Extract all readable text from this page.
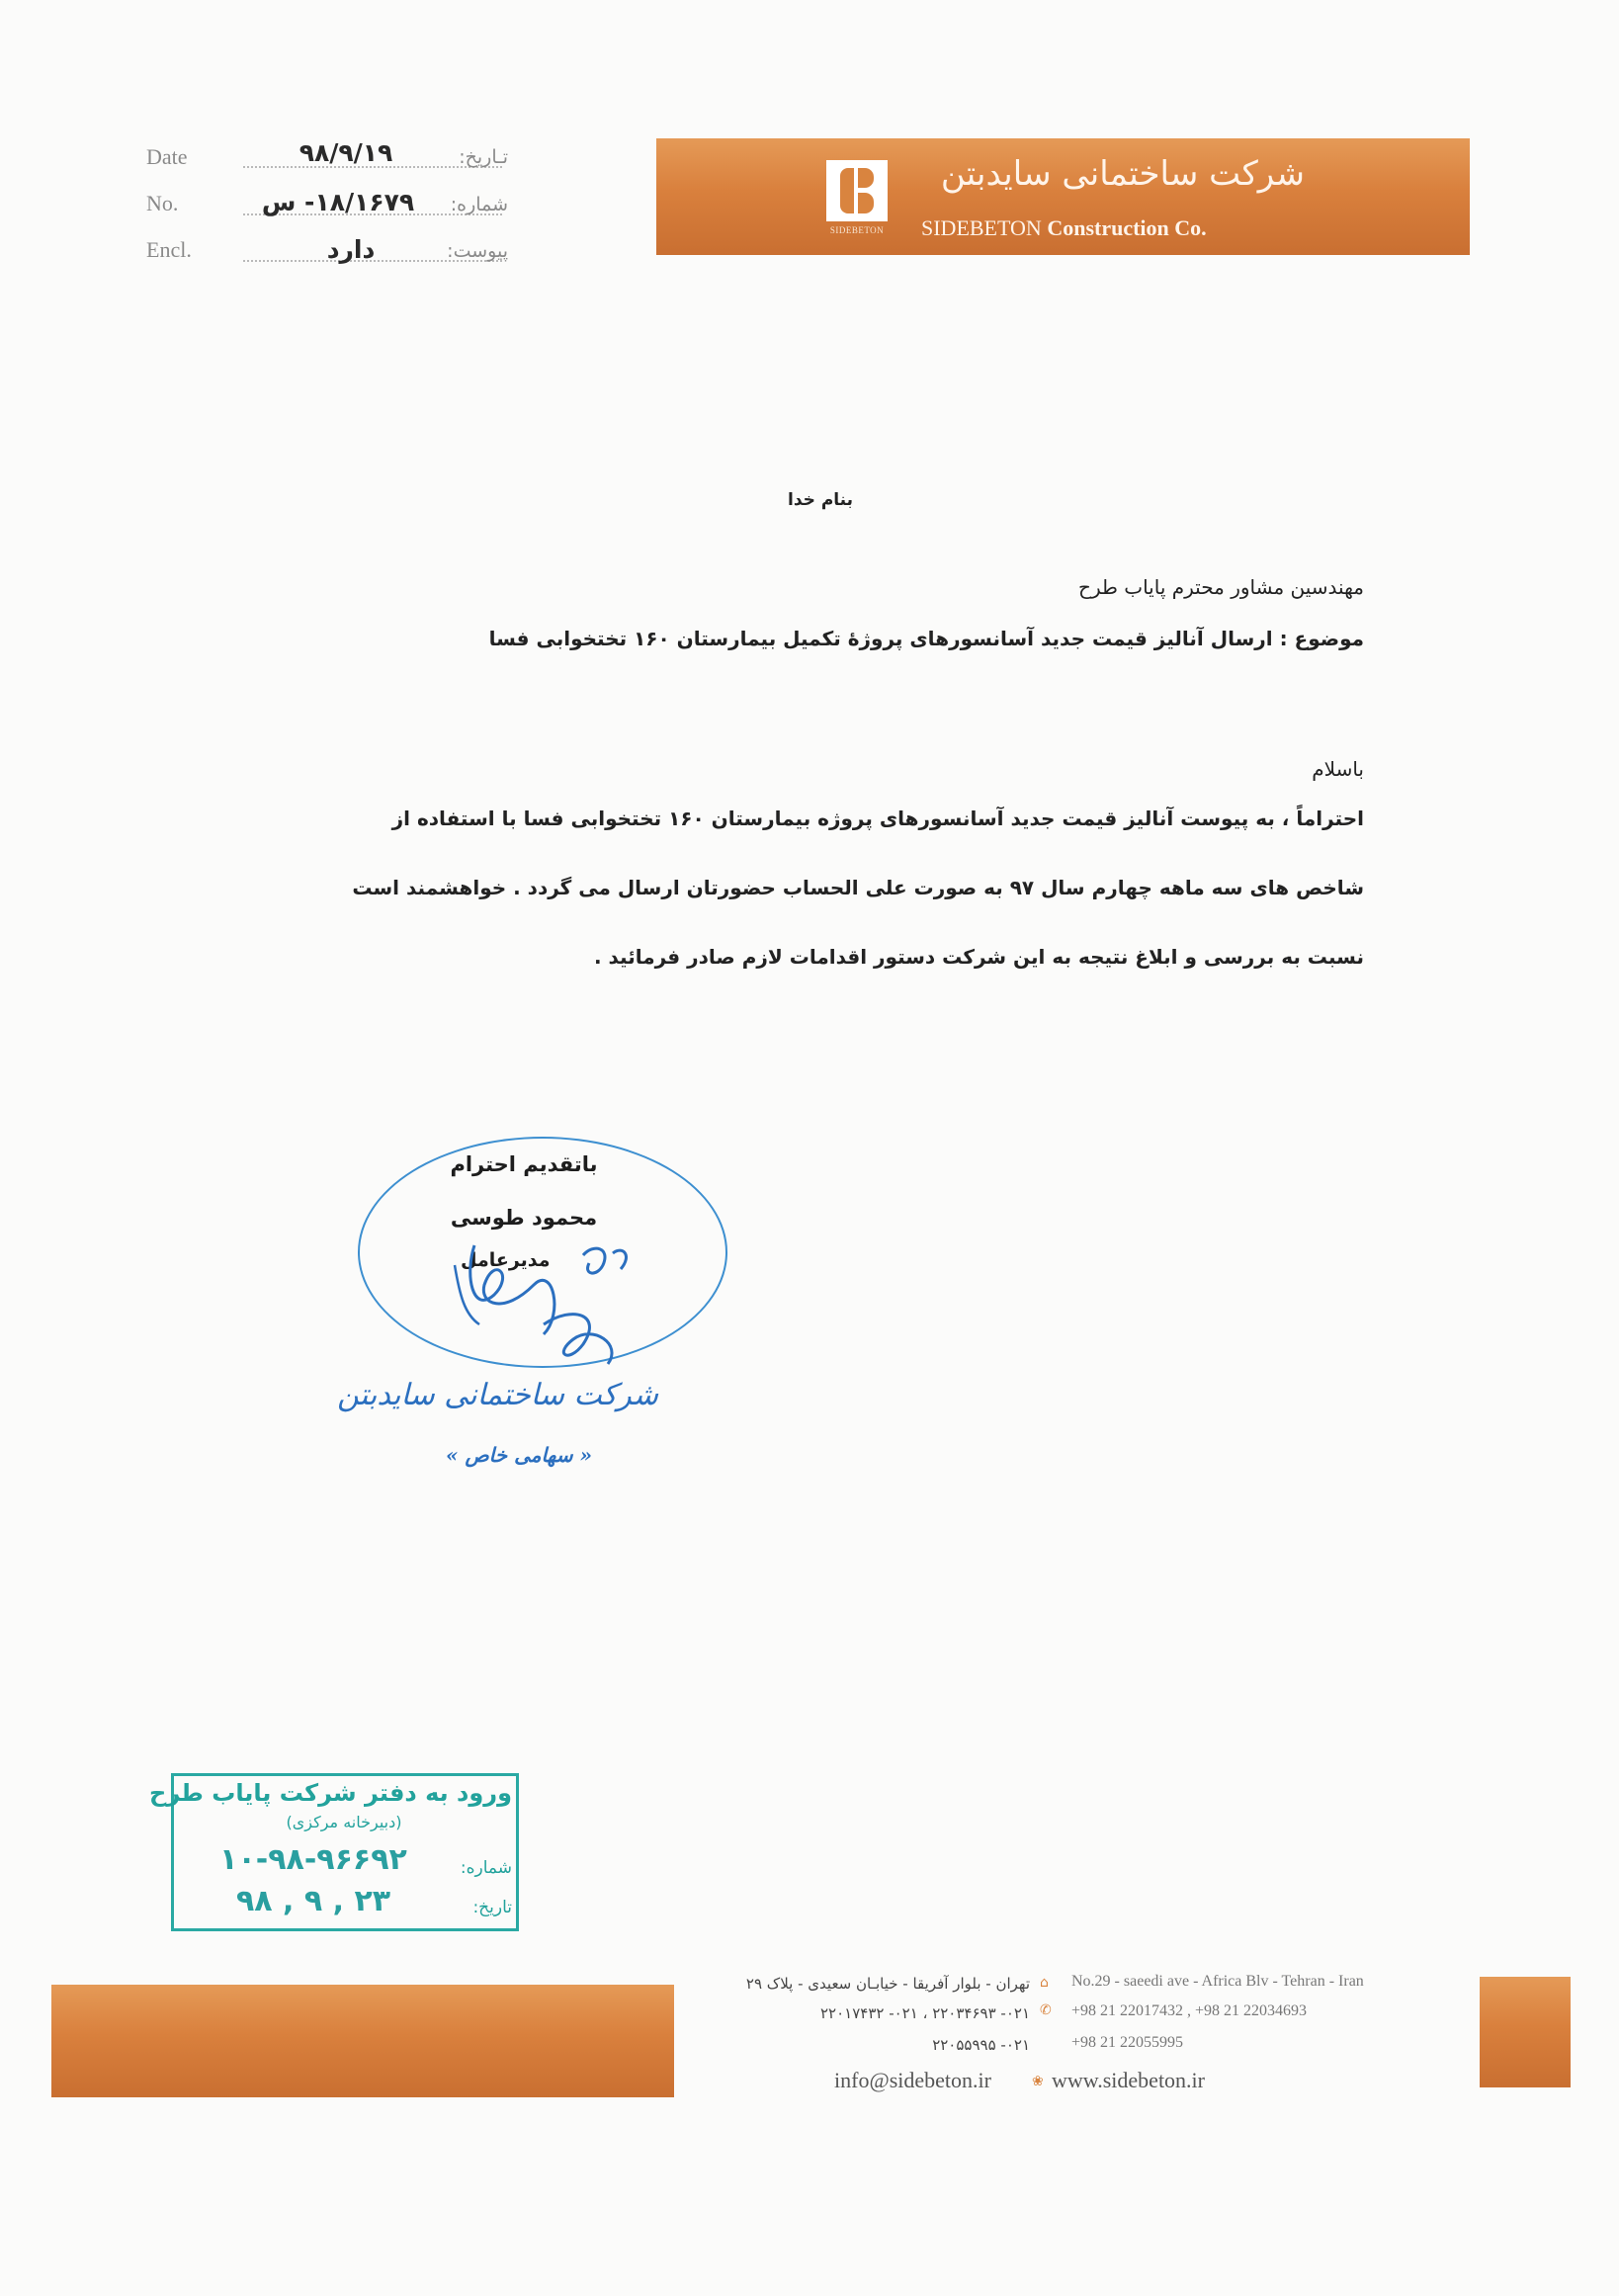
Date	۹۸/۹/۱۹	تـاريخ:
No.	۱۸/۱۶۷۹- س	شماره:
Encl.	دارد	پیوست:
SIDEBETON
شرکت ساختمانی سایدبتن
SIDEBETON Construction Co.
بنام خدا
مهندسین مشاور محترم پایاب طرح
موضوع : ارسال آنالیز قیمت جدید آسانسورهای پروژۀ تکمیل بیمارستان ۱۶۰ تختخوابی فسا
باسلام
احتراماً ، به پیوست آنالیز قیمت جدید آسانسورهای پروژه بیمارستان ۱۶۰ تختخوابی فسا با استفاده از
شاخص های سه ماهه چهارم سال ۹۷ به صورت علی الحساب حضورتان ارسال می گردد . خواهشمند است
نسبت به بررسی و ابلاغ نتیجه به این شرکت دستور اقدامات لازم صادر فرمائید .
باتقدیم احترام
محمود طوسی
مدیرعامل
شرکت ساختمانی سایدبتن
« سهامی خاص »
ورود به دفتر شرکت پایاب طرح
(دبیرخانه مرکزی)
شماره:
۱۰-۹۸-۹۶۶۹۲
تاریخ:
۹۸ , ۹ , ۲۳
تهران - بلوار آفریقا - خیابـان سعیدی - پلاک ۲۹ ⌂ No.29 - saeedi ave - Africa Blv - Tehran - Iran
۰۲۱- ۲۲۰۳۴۶۹۳ ، ۰۲۱- ۲۲۰۱۷۴۳۲ ✆ +98 21 22017432 , +98 21 22034693
۰۲۱- ۲۲۰۵۵۹۹۵	+98 21 22055995
info@sidebeton.ir	❀ www.sidebeton.ir
